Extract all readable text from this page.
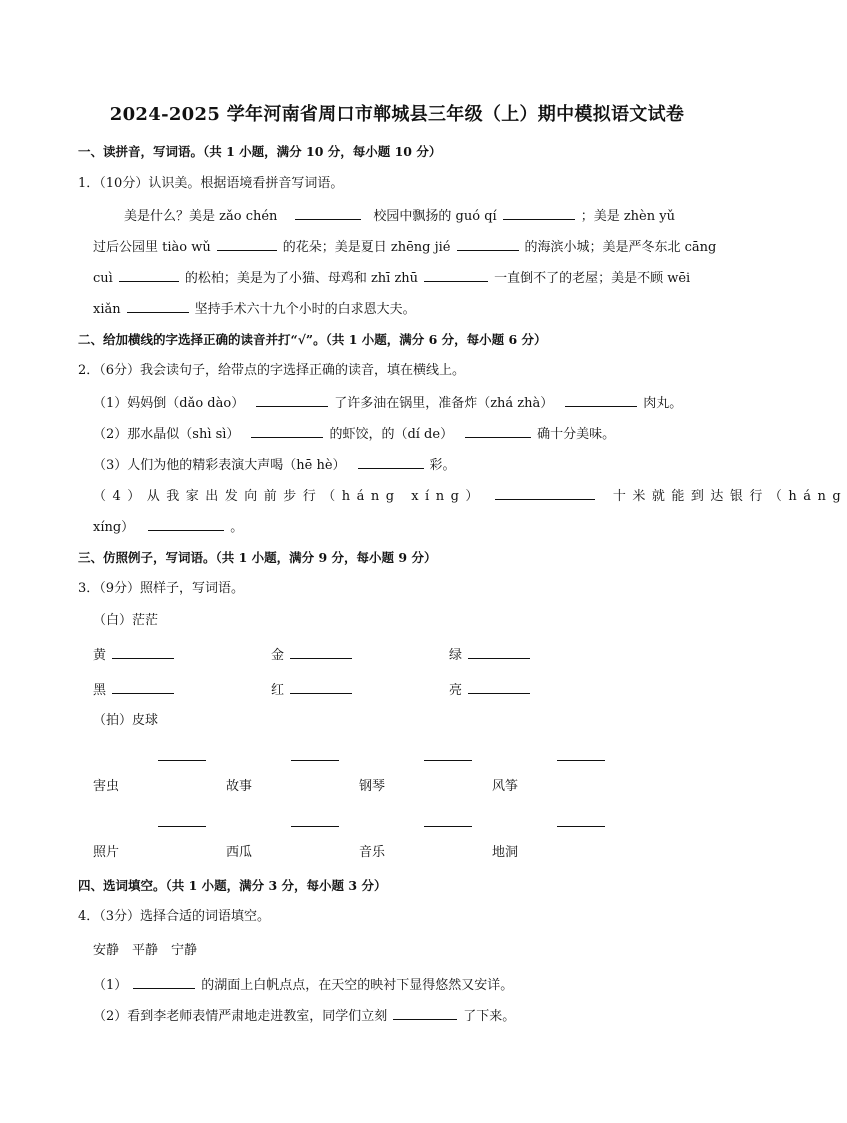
2024-2025 学年河南省周口市郸城县三年级（上）期中模拟语文试卷
一、读拼音，写词语。（共 1 小题，满分 10 分，每小题 10 分）
1．（10分）认识美。根据语境看拼音写词语。
美是什么？美是 zǎo chén	校园中飘扬的 guó qí	；美是 zhèn yǔ
过后公园里 tiào wǔ	的花朵；美是夏日 zhēng jié	的海滨小城；美是严冬东北 cāng
cuì	的松柏；美是为了小猫、母鸡和 zhī zhū	一直倒不了的老屋；美是不顾 wēi
xiǎn	坚持手术六十九个小时的白求恩大夫。
二、给加横线的字选择正确的读音并打“√”。（共 1 小题，满分 6 分，每小题 6 分）
2．（6分）我会读句子，给带点的字选择正确的读音，填在横线上。
（1）妈妈倒（dǎo dào）	了许多油在锅里，准备炸（zhá zhà）	肉丸。
（2）那水晶似（shì sì）	的虾饺，的（dí de）	确十分美味。
（3）人们为他的精彩表演大声喝（hē hè）	彩。
（4）从我家出发向前步行（háng xíng）	十米就能到达银行（háng
xíng）	。
三、仿照例子，写词语。（共 1 小题，满分 9 分，每小题 9 分）
3．（9分）照样子，写词语。
（白）茫茫
黄	金	绿
黑	红	亮
（拍）皮球
害虫	故事	钢琴	风筝
照片	西瓜	音乐	地洞
四、选词填空。（共 1 小题，满分 3 分，每小题 3 分）
4．（3分）选择合适的词语填空。
安静　平静　宁静
（1）	的湖面上白帆点点，在天空的映衬下显得悠然又安详。
（2）看到李老师表情严肃地走进教室，同学们立刻	了下来。
